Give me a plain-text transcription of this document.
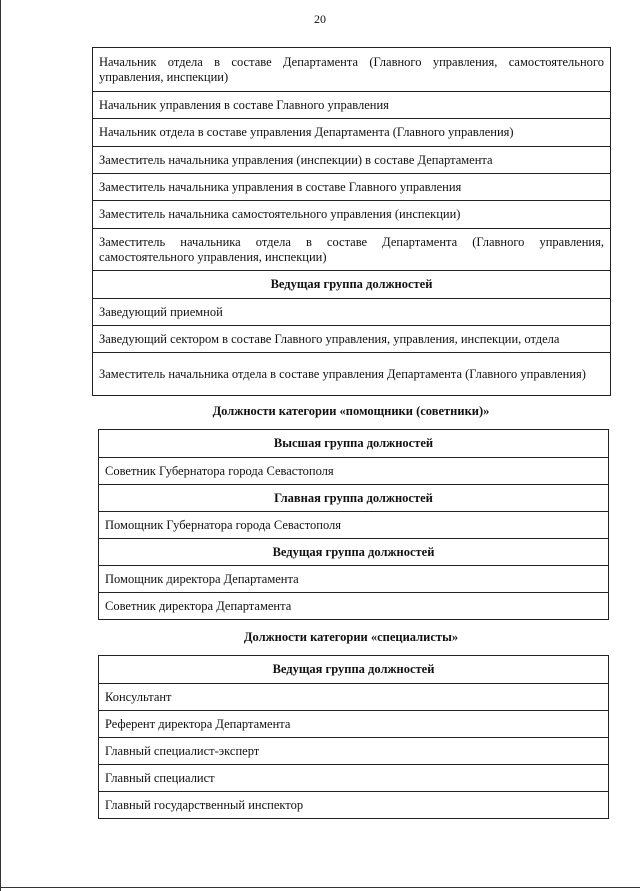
20
Начальник отдела в составе Департамента (Главного управления, самостоятельного управления, инспекции)
Начальник управления в составе Главного управления
Начальник отдела в составе управления Департамента (Главного управления)
Заместитель начальника управления (инспекции) в составе Департамента
Заместитель начальника управления в составе Главного управления
Заместитель начальника самостоятельного управления (инспекции)
Заместитель начальника отдела в составе Департамента (Главного управления, самостоятельного управления, инспекции)
Ведущая группа должностей
Заведующий приемной
Заведующий сектором в составе Главного управления, управления, инспекции, отдела
Заместитель начальника отдела в составе управления Департамента (Главного управления)
Должности категории «помощники (советники)»
Высшая группа должностей
Советник Губернатора города Севастополя
Главная группа должностей
Помощник Губернатора города Севастополя
Ведущая группа должностей
Помощник директора Департамента
Советник директора Департамента
Должности категории «специалисты»
Ведущая группа должностей
Консультант
Референт директора Департамента
Главный специалист-эксперт
Главный специалист
Главный государственный инспектор
